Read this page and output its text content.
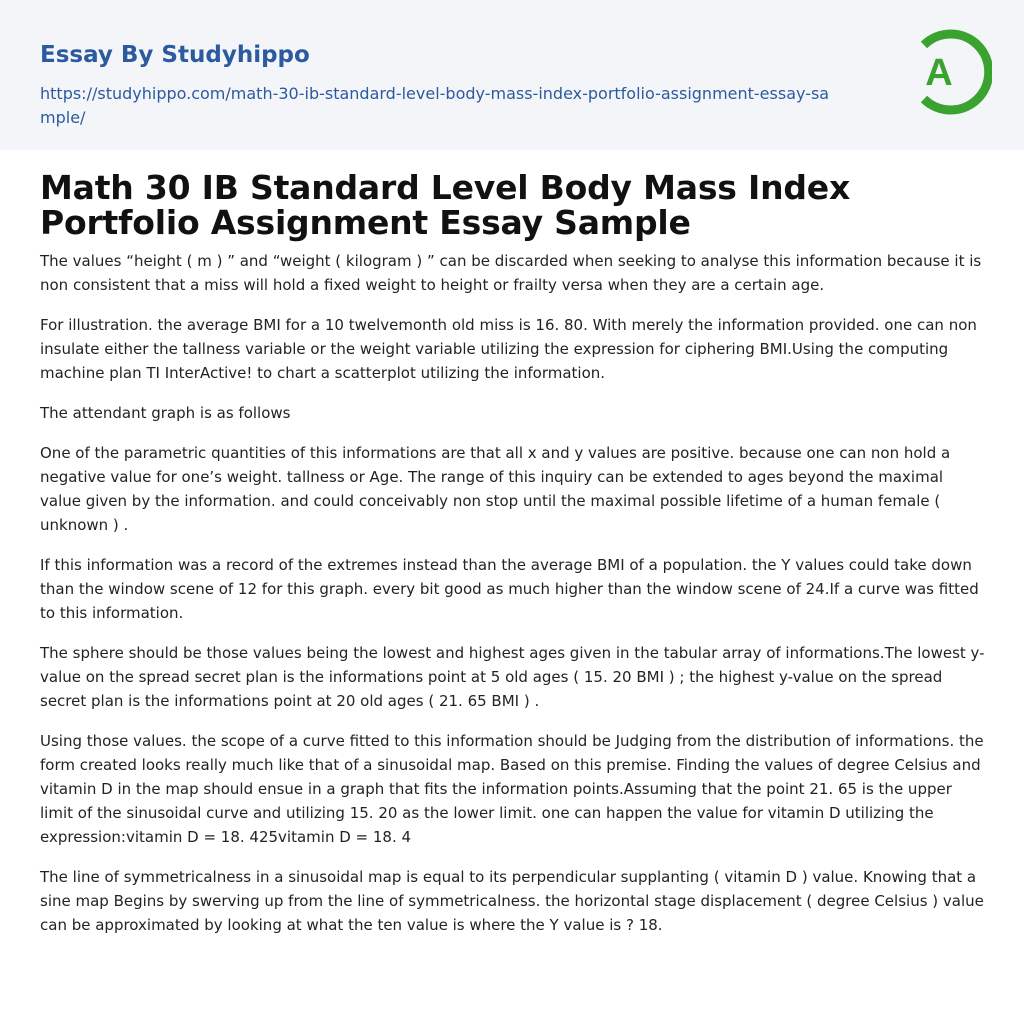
Essay By Studyhippo
https://studyhippo.com/math-30-ib-standard-level-body-mass-index-portfolio-assignment-essay-sample/
A
Math 30 IB Standard Level Body Mass Index Portfolio Assignment Essay Sample

The values “height ( m ) ” and “weight ( kilogram ) ” can be discarded when seeking to analyse this information because it is non consistent that a miss will hold a fixed weight to height or frailty versa when they are a certain age.

For illustration. the average BMI for a 10 twelvemonth old miss is 16. 80. With merely the information provided. one can non insulate either the tallness variable or the weight variable utilizing the expression for ciphering BMI.Using the computing machine plan TI InterActive! to chart a scatterplot utilizing the information.

The attendant graph is as follows

One of the parametric quantities of this informations are that all x and y values are positive. because one can non hold a negative value for one’s weight. tallness or Age. The range of this inquiry can be extended to ages beyond the maximal value given by the information. and could conceivably non stop until the maximal possible lifetime of a human female ( unknown ) .

If this information was a record of the extremes instead than the average BMI of a population. the Y values could take down than the window scene of 12 for this graph. every bit good as much higher than the window scene of 24.If a curve was fitted to this information.

The sphere should be those values being the lowest and highest ages given in the tabular array of informations.The lowest y-value on the spread secret plan is the informations point at 5 old ages ( 15. 20 BMI ) ; the highest y-value on the spread secret plan is the informations point at 20 old ages ( 21. 65 BMI ) .

Using those values. the scope of a curve fitted to this information should be Judging from the distribution of informations. the form created looks really much like that of a sinusoidal map. Based on this premise. Finding the values of degree Celsius and vitamin D in the map should ensue in a graph that fits the information points.Assuming that the point 21. 65 is the upper limit of the sinusoidal curve and utilizing 15. 20 as the lower limit. one can happen the value for vitamin D utilizing the expression:vitamin D = 18. 425vitamin D = 18. 4

The line of symmetricalness in a sinusoidal map is equal to its perpendicular supplanting ( vitamin D ) value. Knowing that a sine map Begins by swerving up from the line of symmetricalness. the horizontal stage displacement ( degree Celsius ) value can be approximated by looking at what the ten value is where the Y value is ? 18.
